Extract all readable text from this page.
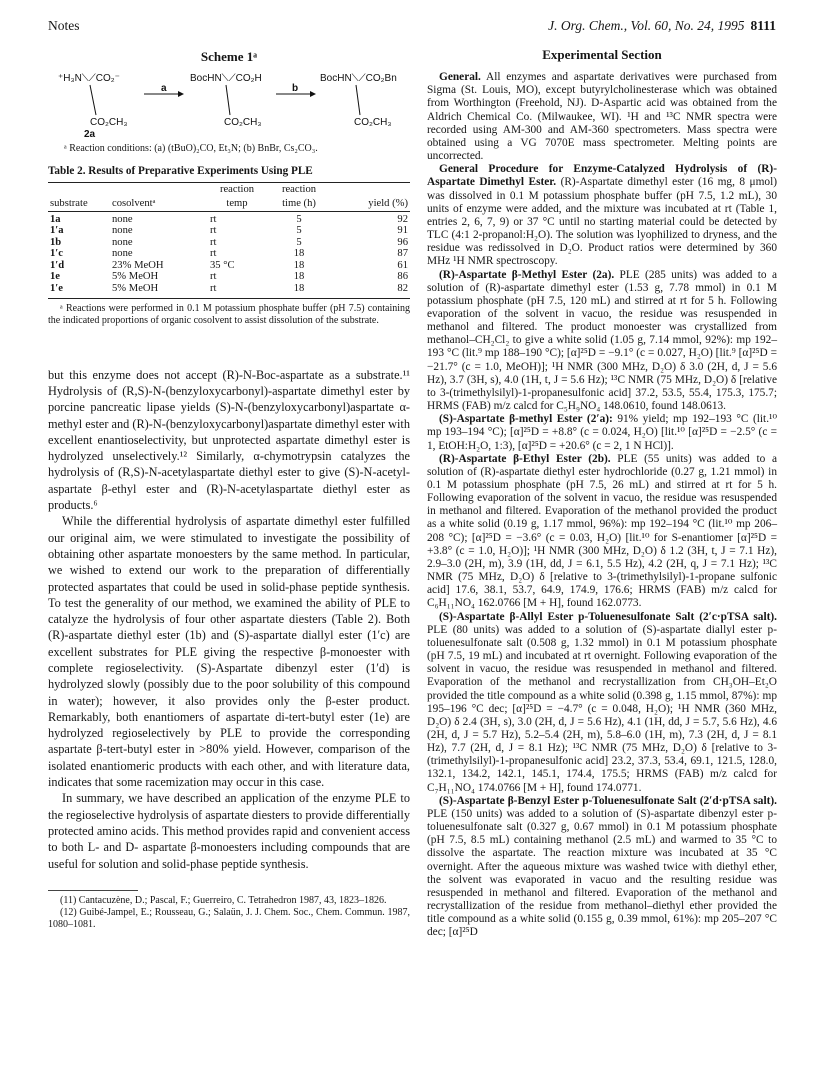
Notes	J. Org. Chem., Vol. 60, No. 24, 1995 8111
Scheme 1ᵃ
⁺H₃N⟍⟋CO₂⁻
CO₂CH₃
a
BocHN⟍⟋CO₂H
CO₂CH₃
b
BocHN⟍⟋CO₂Bn
CO₂CH₃
2a
ᵃ Reaction conditions: (a) (tBuO)₂CO, Et₃N; (b) BnBr, Cs₂CO₃.
Table 2. Results of Preparative Experiments Using PLE
		reaction	reaction	
substrate	cosolventᵃ	temp	time (h)	yield (%)
1a	none	rt	5	92
1ʹa	none	rt	5	91
1b	none	rt	5	96
1ʹc	none	rt	18	87
1ʹd	23% MeOH	35 °C	18	61
1e	5% MeOH	rt	18	86
1ʹe	5% MeOH	rt	18	82
ᵃ Reactions were performed in 0.1 M potassium phosphate buffer (pH 7.5) containing the indicated proportions of organic cosolvent to assist dissolution of the substrate.

but this enzyme does not accept (R)-N-Boc-aspartate as a substrate.¹¹ Hydrolysis of (R,S)-N-(benzyloxycarbonyl)-aspartate dimethyl ester by porcine pancreatic lipase yields (S)-N-(benzyloxycarbonyl)aspartate α-methyl ester and (R)-N-(benzyloxycarbonyl)aspartate dimethyl ester with excellent enantioselectivity, but unprotected aspartate dimethyl ester is hydrolyzed unselectively.¹² Similarly, α-chymotrypsin catalyzes the hydrolysis of (R,S)-N-acetylaspartate diethyl ester to give (S)-N-acetyl-aspartate β-ethyl ester and (R)-N-acetylaspartate diethyl ester as products.⁶

While the differential hydrolysis of aspartate dimethyl ester fulfilled our original aim, we were stimulated to investigate the possibility of obtaining other aspartate monoesters by the same method. In particular, we wished to extend our work to the preparation of differentially protected aspartates that could be used in solid-phase peptide synthesis. To test the generality of our method, we examined the ability of PLE to catalyze the hydrolysis of four other aspartate diesters (Table 2). Both (R)-aspartate diethyl ester (1b) and (S)-aspartate diallyl ester (1ʹc) are excellent substrates for PLE giving the respective β-monoester with complete regioselectivity. (S)-Aspartate dibenzyl ester (1ʹd) is hydrolyzed slowly (possibly due to the poor solubility of this compound in water); however, it also provides only the β-ester product. Remarkably, both enantiomers of aspartate di-tert-butyl ester (1e) are hydrolyzed regioselectively by PLE to provide the corresponding aspartate β-tert-butyl ester in >80% yield. However, comparison of the isolated enantiomeric products with each other, and with literature data, indicates that some racemization may occur in this case.

In summary, we have described an application of the enzyme PLE to the regioselective hydrolysis of aspartate diesters to provide differentially protected amino acids. This method provides rapid and convenient access to both L- and D- aspartate β-monoesters including compounds that are useful for solution and solid-phase peptide synthesis.

(11) Cantacuzène, D.; Pascal, F.; Guerreiro, C. Tetrahedron 1987, 43, 1823–1826.
(12) Guibé-Jampel, E.; Rousseau, G.; Salaün, J. J. Chem. Soc., Chem. Commun. 1987, 1080–1081.
Experimental Section

General. All enzymes and aspartate derivatives were purchased from Sigma (St. Louis, MO), except butyrylcholinesterase which was obtained from Worthington (Freehold, NJ). D-Aspartic acid was obtained from the Aldrich Chemical Co. (Milwaukee, WI). ¹H and ¹³C NMR spectra were recorded using AM-300 and AM-360 spectrometers. Mass spectra were obtained using a VG 7070E mass spectrometer. Melting points are uncorrected.

General Procedure for Enzyme-Catalyzed Hydrolysis of (R)-Aspartate Dimethyl Ester. (R)-Aspartate dimethyl ester (16 mg, 8 μmol) was dissolved in 0.1 M potassium phosphate buffer (pH 7.5, 1.2 mL), 30 units of enzyme were added, and the mixture was incubated at rt (Table 1, entries 2, 6, 7, 9) or 37 °C until no starting material could be detected by TLC (4:1 2-propanol:H₂O). The solution was lyophilized to dryness, and the residue was redissolved in D₂O. Product ratios were determined by 360 MHz ¹H NMR spectroscopy.

(R)-Aspartate β-Methyl Ester (2a). PLE (285 units) was added to a solution of (R)-aspartate dimethyl ester (1.53 g, 7.78 mmol) in 0.1 M potassium phosphate (pH 7.5, 120 mL) and stirred at rt for 5 h. Following evaporation of the solvent in vacuo, the residue was resuspended in methanol and filtered. The product monoester was crystallized from methanol–CH₂Cl₂ to give a white solid (1.05 g, 7.14 mmol, 92%): mp 192–193 °C (lit.⁹ mp 188–190 °C); [α]²⁵D = −9.1° (c = 0.027, H₂O) [lit.⁹ [α]²⁵D = −21.7° (c = 1.0, MeOH)]; ¹H NMR (300 MHz, D₂O) δ 3.0 (2H, d, J = 5.6 Hz), 3.7 (3H, s), 4.0 (1H, t, J = 5.6 Hz); ¹³C NMR (75 MHz, D₂O) δ [relative to 3-(trimethylsilyl)-1-propanesulfonic acid] 37.2, 53.5, 55.4, 175.3, 175.7; HRMS (FAB) m/z calcd for C₅H₉NO₄ 148.0610, found 148.0613.

(S)-Aspartate β-methyl Ester (2ʹa): 91% yield; mp 192–193 °C (lit.¹⁰ mp 193–194 °C); [α]²⁵D = +8.8° (c = 0.024, H₂O) [lit.¹⁰ [α]²⁵D = −2.5° (c = 1, EtOH:H₂O, 1:3), [α]²⁵D = +20.6° (c = 2, 1 N HCl)].

(R)-Aspartate β-Ethyl Ester (2b). PLE (55 units) was added to a solution of (R)-aspartate diethyl ester hydrochloride (0.27 g, 1.21 mmol) in 0.1 M potassium phosphate (pH 7.5, 26 mL) and stirred at rt for 5 h. Following evaporation of the solvent in vacuo, the residue was resuspended in methanol and filtered. Evaporation of the methanol provided the product as a white solid (0.19 g, 1.17 mmol, 96%): mp 192–194 °C (lit.¹⁰ mp 206–208 °C); [α]²⁵D = −3.6° (c = 0.03, H₂O) [lit.¹⁰ for S-enantiomer [α]²⁵D = +3.8° (c = 1.0, H₂O)]; ¹H NMR (300 MHz, D₂O) δ 1.2 (3H, t, J = 7.1 Hz), 2.9–3.0 (2H, m), 3.9 (1H, dd, J = 6.1, 5.5 Hz), 4.2 (2H, q, J = 7.1 Hz); ¹³C NMR (75 MHz, D₂O) δ [relative to 3-(trimethylsilyl)-1-propane sulfonic acid] 17.6, 38.1, 53.7, 64.9, 174.9, 176.6; HRMS (FAB) m/z calcd for C₆H₁₁NO₄ 162.0766 [M + H], found 162.0773.

(S)-Aspartate β-Allyl Ester p-Toluenesulfonate Salt (2ʹc·pTSA salt). PLE (80 units) was added to a solution of (S)-aspartate diallyl ester p-toluenesulfonate salt (0.508 g, 1.32 mmol) in 0.1 M potassium phosphate (pH 7.5, 19 mL) and incubated at rt overnight. Following evaporation of the solvent in vacuo, the residue was resuspended in methanol and filtered. Evaporation of the methanol and recrystallization from CH₃OH–Et₂O provided the title compound as a white solid (0.398 g, 1.15 mmol, 87%): mp 195–196 °C dec; [α]²⁵D = −4.7° (c = 0.048, H₂O); ¹H NMR (360 MHz, D₂O) δ 2.4 (3H, s), 3.0 (2H, d, J = 5.6 Hz), 4.1 (1H, dd, J = 5.7, 5.6 Hz), 4.6 (2H, d, J = 5.7 Hz), 5.2–5.4 (2H, m), 5.8–6.0 (1H, m), 7.3 (2H, d, J = 8.1 Hz), 7.7 (2H, d, J = 8.1 Hz); ¹³C NMR (75 MHz, D₂O) δ [relative to 3-(trimethylsilyl)-1-propanesulfonic acid] 23.2, 37.3, 53.4, 69.1, 121.5, 128.0, 132.1, 134.2, 142.1, 145.1, 174.4, 175.5; HRMS (FAB) m/z calcd for C₇H₁₁NO₄ 174.0766 [M + H], found 174.0771.

(S)-Aspartate β-Benzyl Ester p-Toluenesulfonate Salt (2ʹd·pTSA salt). PLE (150 units) was added to a solution of (S)-aspartate dibenzyl ester p-toluenesulfonate salt (0.327 g, 0.67 mmol) in 0.1 M potassium phosphate (pH 7.5, 8.5 mL) containing methanol (2.5 mL) and warmed to 35 °C to dissolve the aspartate. The reaction mixture was incubated at 35 °C overnight. After the aqueous mixture was washed twice with diethyl ether, the solvent was evaporated in vacuo and the resulting residue was resuspended in methanol and filtered. Evaporation of the methanol and recrystallization of the residue from methanol–diethyl ether provided the title compound as a white solid (0.155 g, 0.39 mmol, 61%): mp 205–207 °C dec; [α]²⁵D
